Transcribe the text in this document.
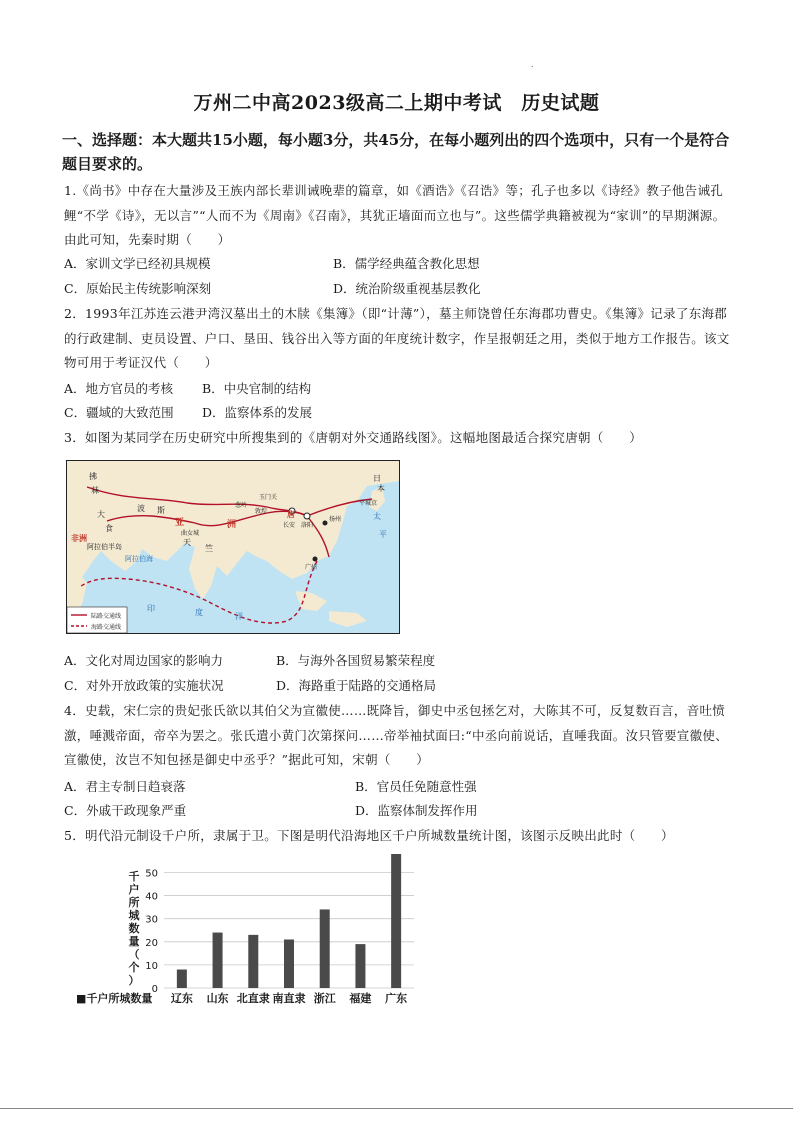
.
万州二中高2023级高二上期中考试　历史试题
一、选择题：本大题共15小题，每小题3分，共45分，在每小题列出的四个选项中，只有一个是符合题目要求的。
1.《尚书》中存在大量涉及王族内部长辈训诫晚辈的篇章，如《酒诰》《召诰》等；孔子也多以《诗经》教子他告诫孔鲤“不学《诗》，无以言”“人而不为《周南》《召南》，其犹正墙面而立也与”。这些儒学典籍被视为“家训”的早期渊源。由此可知，先秦时期（　　）
A．家训文学已经初具规模	B．儒学经典蕴含教化思想
C．原始民主传统影响深刻	D．统治阶级重视基层教化
2．1993年江苏连云港尹湾汉墓出土的木牍《集簿》（即“计薄”），墓主师饶曾任东海郡功曹史。《集簿》记录了东海郡的行政建制、吏员设置、户口、垦田、钱谷出入等方面的年度统计数字，作呈报朝廷之用，类似于地方工作报告。该文物可用于考证汉代（　　）
A．地方官员的考核 B．中央官制的结构
C．疆域的大致范围 D．监察体系的发展
3．如图为某同学在历史研究中所搜集到的《唐朝对外交通路线图》。这幅地图最适合探究唐朝（　　）
拂
菻
大
食
波 斯
亚	洲
阿拉伯半岛
阿拉伯海
非洲	天
竺
曲女城
葱岭
玉门关
敦煌
长安 洛阳
扬州
广州
平城京
印	度	洋
太
平
唐
日
本
陆路交通线
海路交通线
A．文化对周边国家的影响力	B．与海外各国贸易繁荣程度
C．对外开放政策的实施状况	D．海路重于陆路的交通格局
4．史载，宋仁宗的贵妃张氏欲以其伯父为宣徽使……既降旨，御史中丞包拯乞对，大陈其不可，反复数百言，音吐愤激，唾溅帝面，帝卒为罢之。张氏遣小黄门次第探问……帝举袖拭面曰:“中丞向前说话，直唾我面。汝只管要宣徽使、宣徽使，汝岂不知包拯是御史中丞乎？”据此可知，宋朝（　　）
A．君主专制日趋衰落	B．官员任免随意性强
C．外戚干政现象严重	D．监察体制发挥作用
5．明代沿元制设千户所，隶属于卫。下图是明代沿海地区千户所城数量统计图，该图示反映出此时（　　）
0
10
20
30
40
50
辽东 山东 北直隶 南直隶 浙江 福建 广东
■千户所城数量
千
户
所
城
数
量
（
个
）
